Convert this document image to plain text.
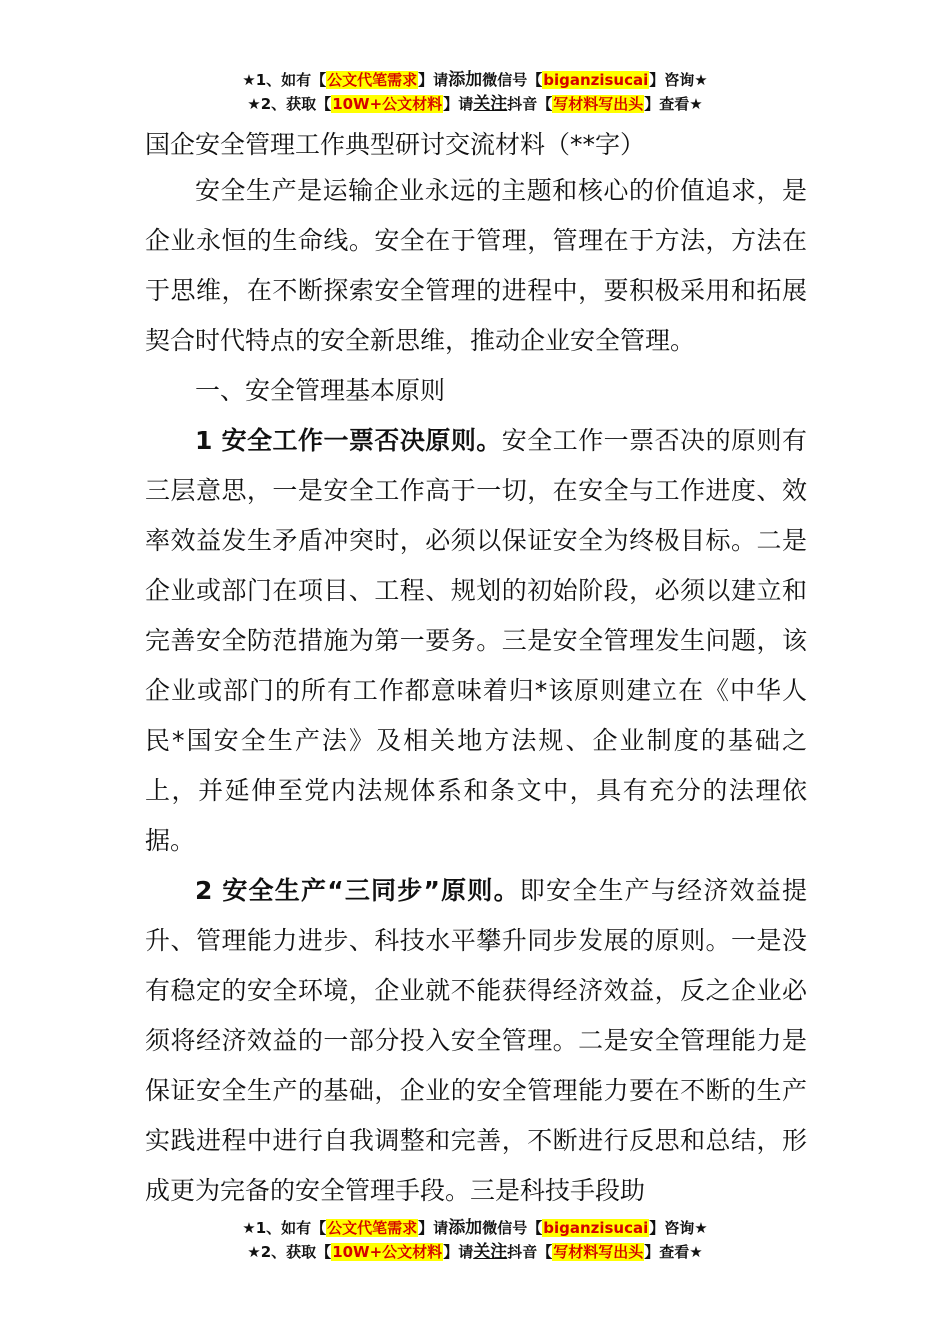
★1、如有【公文代笔需求】请添加微信号【biganzisucai】咨询★
★2、获取【10W+公文材料】请关注抖音【写材料写出头】查看★
国企安全管理工作典型研讨交流材料（**字）

安全生产是运输企业永远的主题和核心的价值追求，是企业永恒的生命线。安全在于管理，管理在于方法，方法在于思维，在不断探索安全管理的进程中，要积极采用和拓展契合时代特点的安全新思维，推动企业安全管理。

一、安全管理基本原则

1 安全工作一票否决原则。安全工作一票否决的原则有三层意思，一是安全工作高于一切，在安全与工作进度、效率效益发生矛盾冲突时，必须以保证安全为终极目标。二是企业或部门在项目、工程、规划的初始阶段，必须以建立和完善安全防范措施为第一要务。三是安全管理发生问题，该企业或部门的所有工作都意味着归*该原则建立在《中华人民*国安全生产法》及相关地方法规、企业制度的基础之上，并延伸至党内法规体系和条文中，具有充分的法理依据。

2 安全生产“三同步”原则。即安全生产与经济效益提升、管理能力进步、科技水平攀升同步发展的原则。一是没有稳定的安全环境，企业就不能获得经济效益，反之企业必须将经济效益的一部分投入安全管理。二是安全管理能力是保证安全生产的基础，企业的安全管理能力要在不断的生产实践进程中进行自我调整和完善，不断进行反思和总结，形成更为完备的安全管理手段。三是科技手段助

★1、如有【公文代笔需求】请添加微信号【biganzisucai】咨询★
★2、获取【10W+公文材料】请关注抖音【写材料写出头】查看★
